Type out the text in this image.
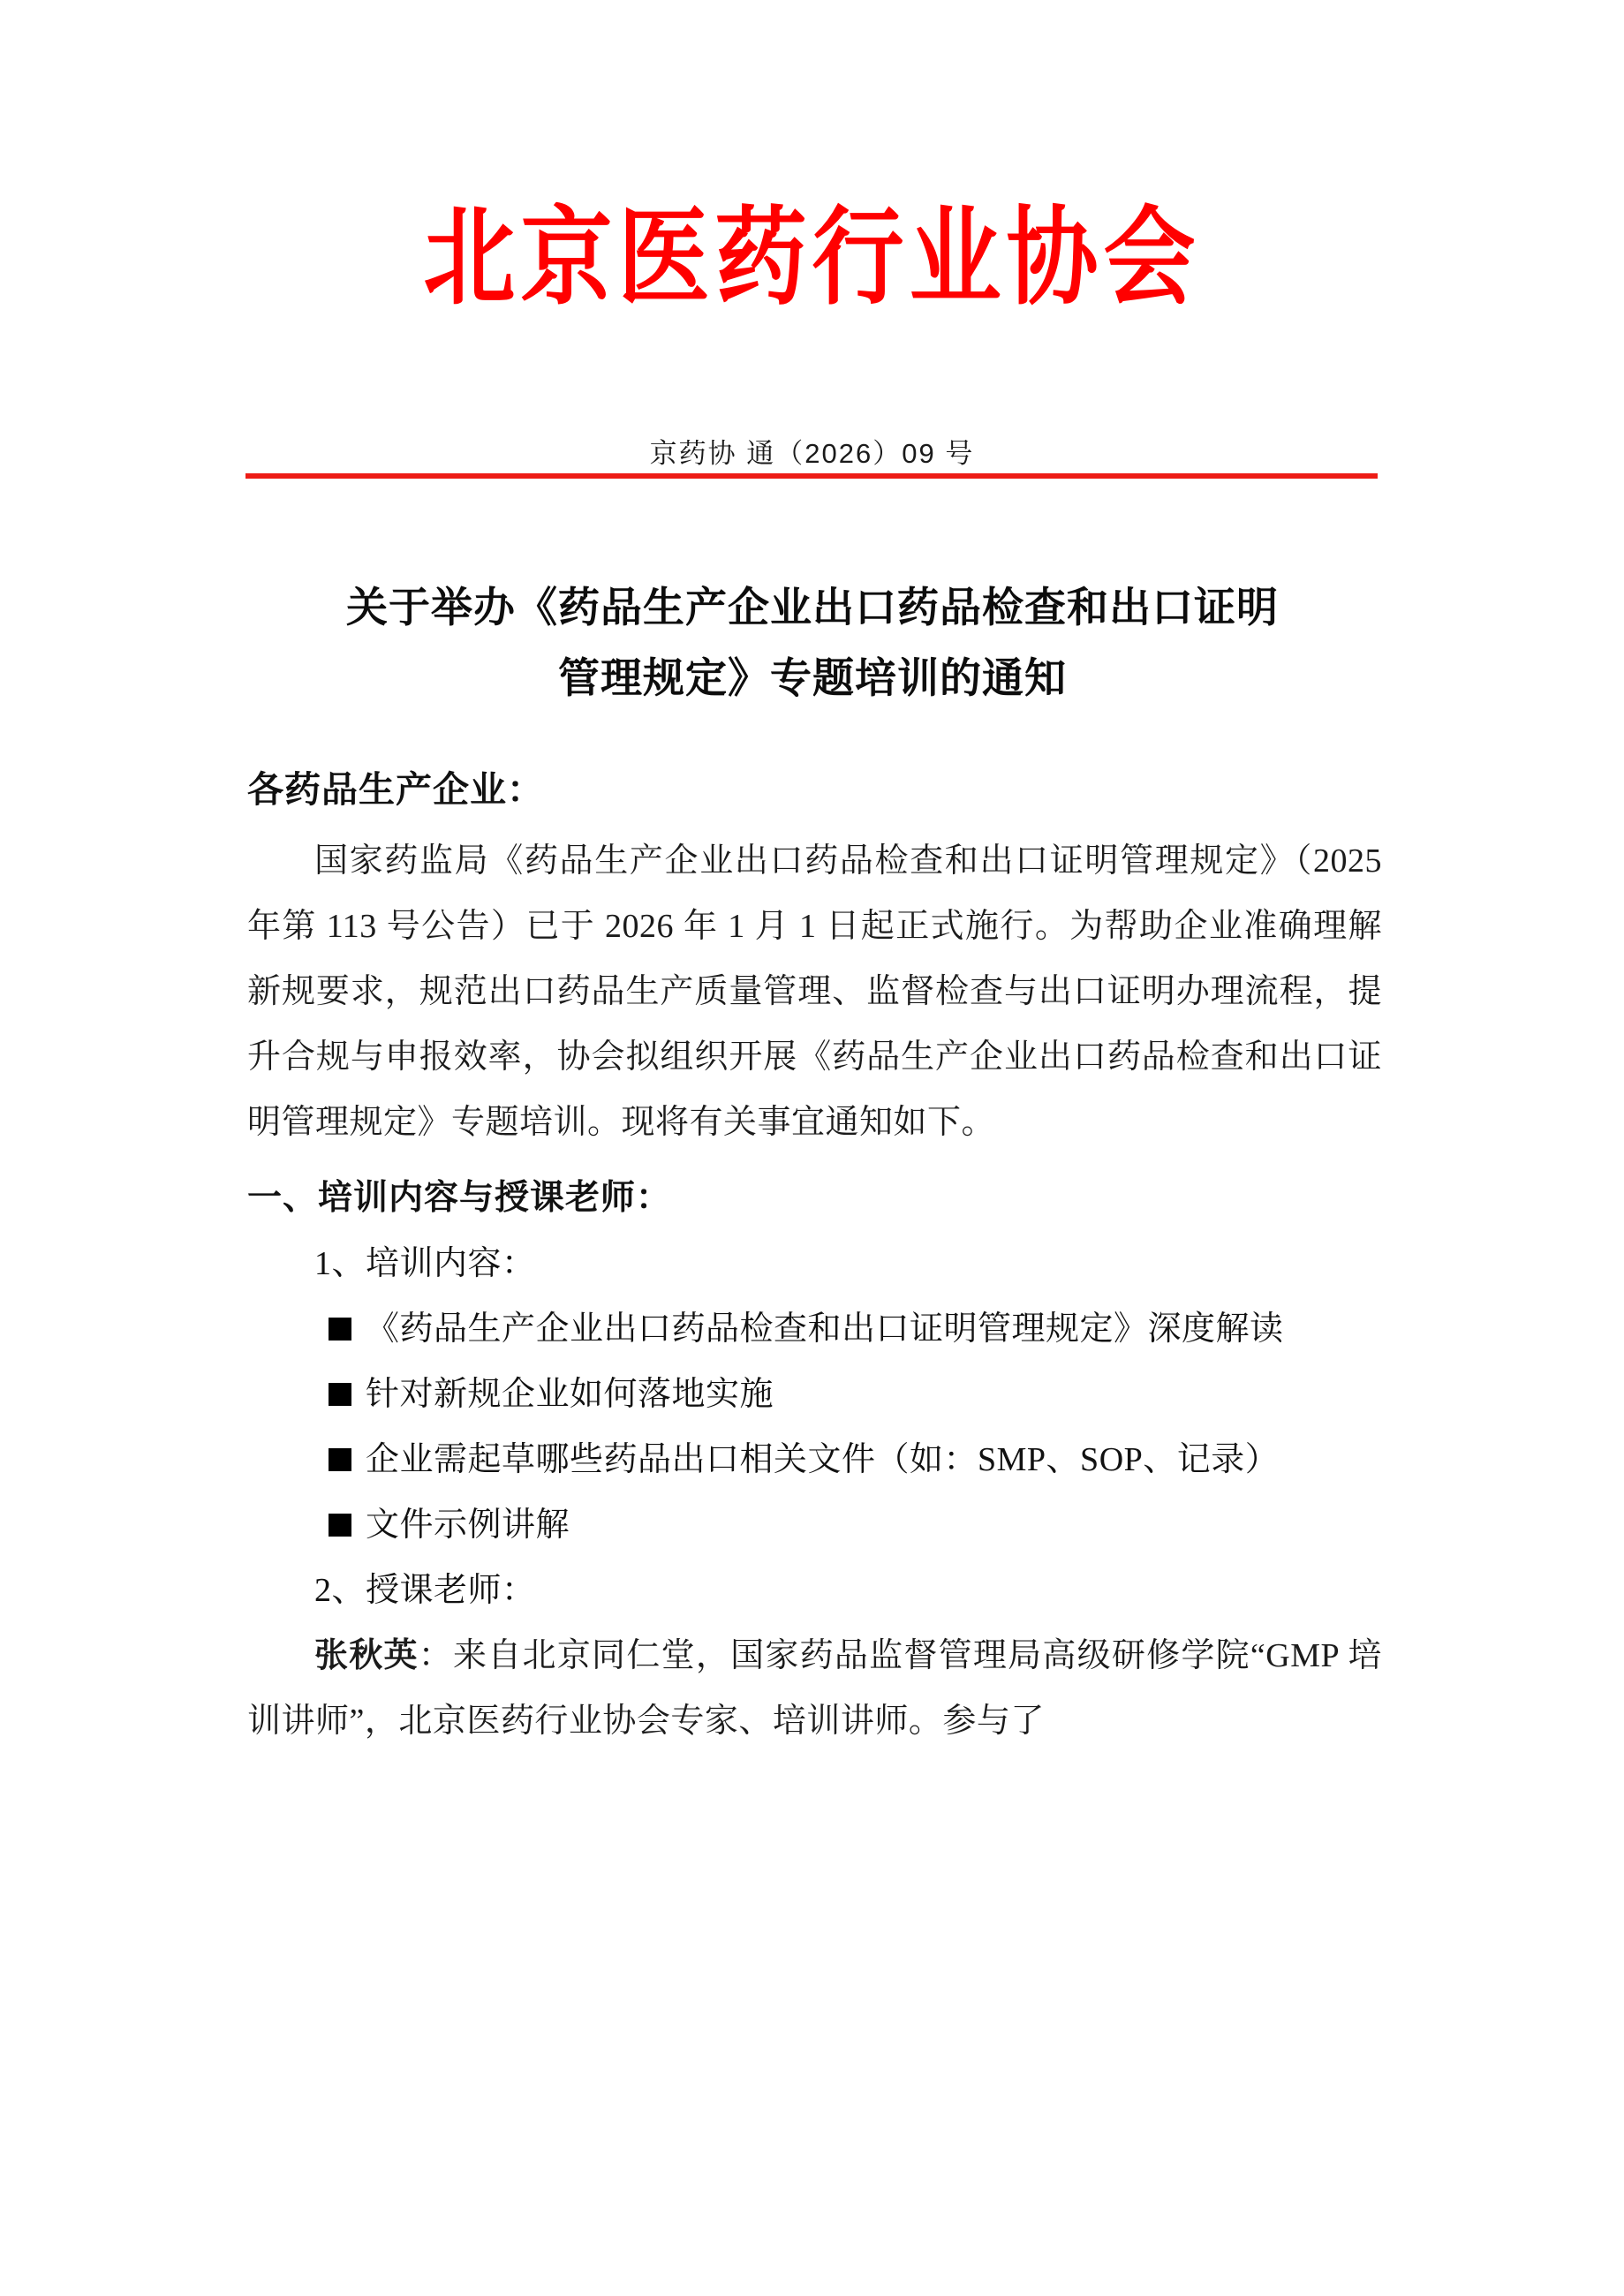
北京医药行业协会
京药协 通（2026）09 号
关于举办《药品生产企业出口药品检查和出口证明
管理规定》专题培训的通知

各药品生产企业：

国家药监局《药品生产企业出口药品检查和出口证明管理规定》（2025 年第 113 号公告）已于 2026 年 1 月 1 日起正式施行。为帮助企业准确理解新规要求，规范出口药品生产质量管理、监督检查与出口证明办理流程，提升合规与申报效率，协会拟组织开展《药品生产企业出口药品检查和出口证明管理规定》专题培训。现将有关事宜通知如下。

一、培训内容与授课老师：

1、培训内容：

《药品生产企业出口药品检查和出口证明管理规定》深度解读
针对新规企业如何落地实施
企业需起草哪些药品出口相关文件（如：SMP、SOP、记录）
文件示例讲解

2、授课老师：

张秋英：来自北京同仁堂，国家药品监督管理局高级研修学院“GMP 培训讲师”，北京医药行业协会专家、培训讲师。参与了
